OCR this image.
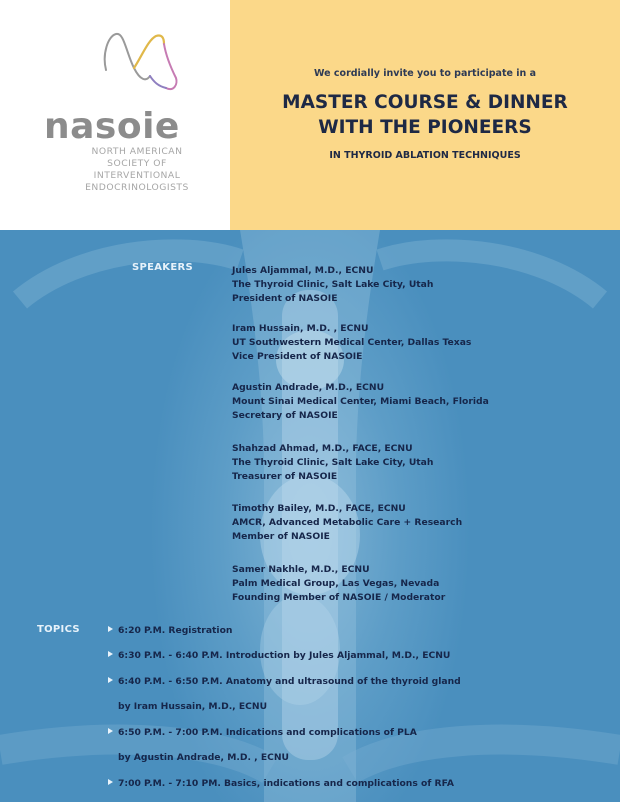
nasoie
NORTH AMERICAN
SOCIETY OF
INTERVENTIONAL
ENDOCRINOLOGISTS
We cordially invite you to participate in a
MASTER COURSE & DINNER
WITH THE PIONEERS
IN THYROID ABLATION TECHNIQUES
SPEAKERS	Jules Aljammal, M.D., ECNU
The Thyroid Clinic, Salt Lake City, Utah
President of NASOIE
Iram Hussain, M.D. , ECNU
UT Southwestern Medical Center, Dallas Texas
Vice President of NASOIE
Agustin Andrade, M.D., ECNU
Mount Sinai Medical Center, Miami Beach, Florida
Secretary of NASOIE
Shahzad Ahmad, M.D., FACE, ECNU
The Thyroid Clinic, Salt Lake City, Utah
Treasurer of NASOIE
Timothy Bailey, M.D., FACE, ECNU
AMCR, Advanced Metabolic Care + Research
Member of NASOIE
Samer Nakhle, M.D., ECNU
Palm Medical Group, Las Vegas, Nevada
Founding Member of NASOIE / Moderator
TOPICS	6:20 P.M. Registration
6:30 P.M. - 6:40 P.M. Introduction by Jules Aljammal, M.D., ECNU
6:40 P.M. - 6:50 P.M. Anatomy and ultrasound of the thyroid gland
by Iram Hussain, M.D., ECNU
6:50 P.M. - 7:00 P.M. Indications and complications of PLA
by Agustin Andrade, M.D. , ECNU
7:00 P.M. - 7:10 PM. Basics, indications and complications of RFA
